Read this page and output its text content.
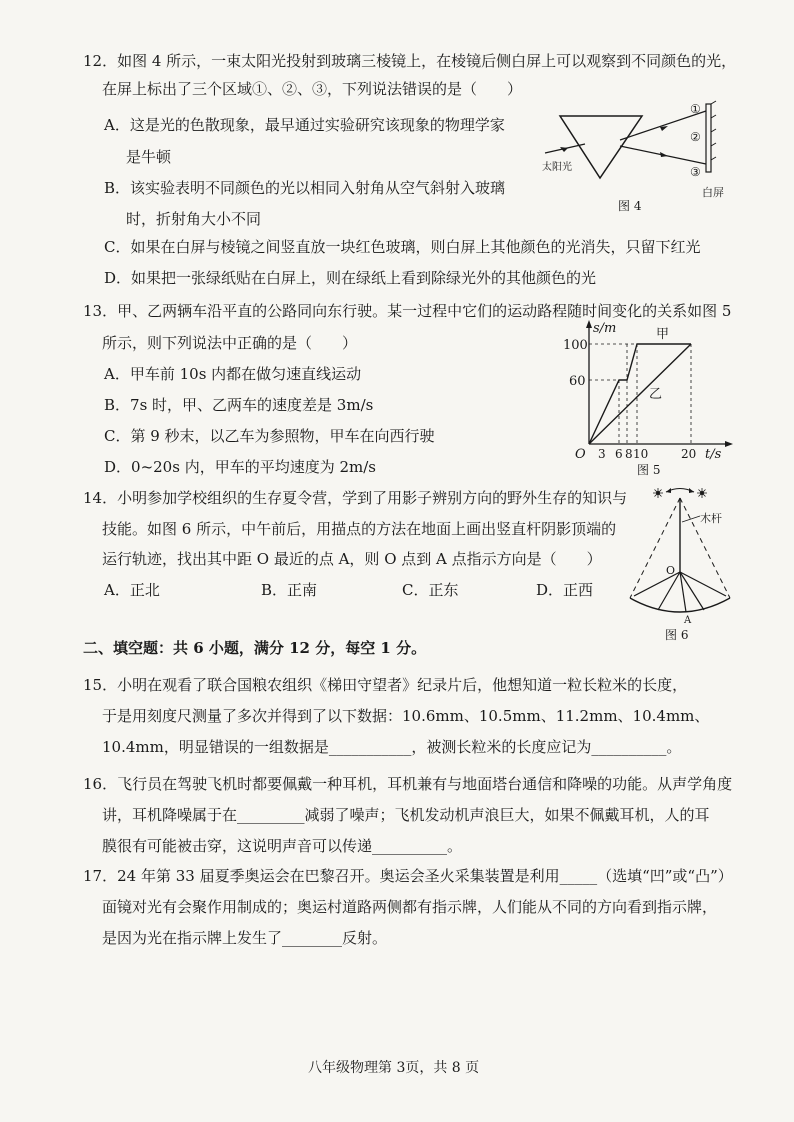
12．如图 4 所示，一束太阳光投射到玻璃三棱镜上，在棱镜后侧白屏上可以观察到不同颜色的光，
在屏上标出了三个区域①、②、③，下列说法错误的是（　　）
A．这是光的色散现象，最早通过实验研究该现象的物理学家
是牛顿
B．该实验表明不同颜色的光以相同入射角从空气斜射入玻璃
时，折射角大小不同
C．如果在白屏与棱镜之间竖直放一块红色玻璃，则白屏上其他颜色的光消失，只留下红光
D．如果把一张绿纸贴在白屏上，则在绿纸上看到除绿光外的其他颜色的光
①
②
③
太阳光
白屏
图 4
13．甲、乙两辆车沿平直的公路同向东行驶。某一过程中它们的运动路程随时间变化的关系如图 5
所示，则下列说法中正确的是（　　）
A．甲车前 10s 内都在做匀速直线运动
B．7s 时，甲、乙两车的速度差是 3m/s
C．第 9 秒末，以乙车为参照物，甲车在向西行驶
D．0~20s 内，甲车的平均速度为 2m/s
s/m
t/s
O
100
60
3 6 8 10	20
甲
乙
图 5
14．小明参加学校组织的生存夏令营，学到了用影子辨别方向的野外生存的知识与
技能。如图 6 所示，中午前后，用描点的方法在地面上画出竖直杆阴影顶端的
运行轨迹，找出其中距 O 最近的点 A，则 O 点到 A 点指示方向是（　　）
A．正北	B．正南	C．正东	D．正西
木杆
O
A
图 6
二、填空题：共 6 小题，满分 12 分，每空 1 分。
15．小明在观看了联合国粮农组织《梯田守望者》纪录片后，他想知道一粒长粒米的长度，
于是用刻度尺测量了多次并得到了以下数据：10.6mm、10.5mm、11.2mm、10.4mm、
10.4mm，明显错误的一组数据是___________，被测长粒米的长度应记为__________。
16．飞行员在驾驶飞机时都要佩戴一种耳机，耳机兼有与地面塔台通信和降噪的功能。从声学角度
讲，耳机降噪属于在_________减弱了噪声；飞机发动机声浪巨大，如果不佩戴耳机，人的耳
膜很有可能被击穿，这说明声音可以传递__________。
17．24 年第 33 届夏季奥运会在巴黎召开。奥运会圣火采集装置是利用_____（选填“凹”或“凸”）
面镜对光有会聚作用制成的；奥运村道路两侧都有指示牌，人们能从不同的方向看到指示牌，
是因为光在指示牌上发生了________反射。
八年级物理第 3页，共 8 页
